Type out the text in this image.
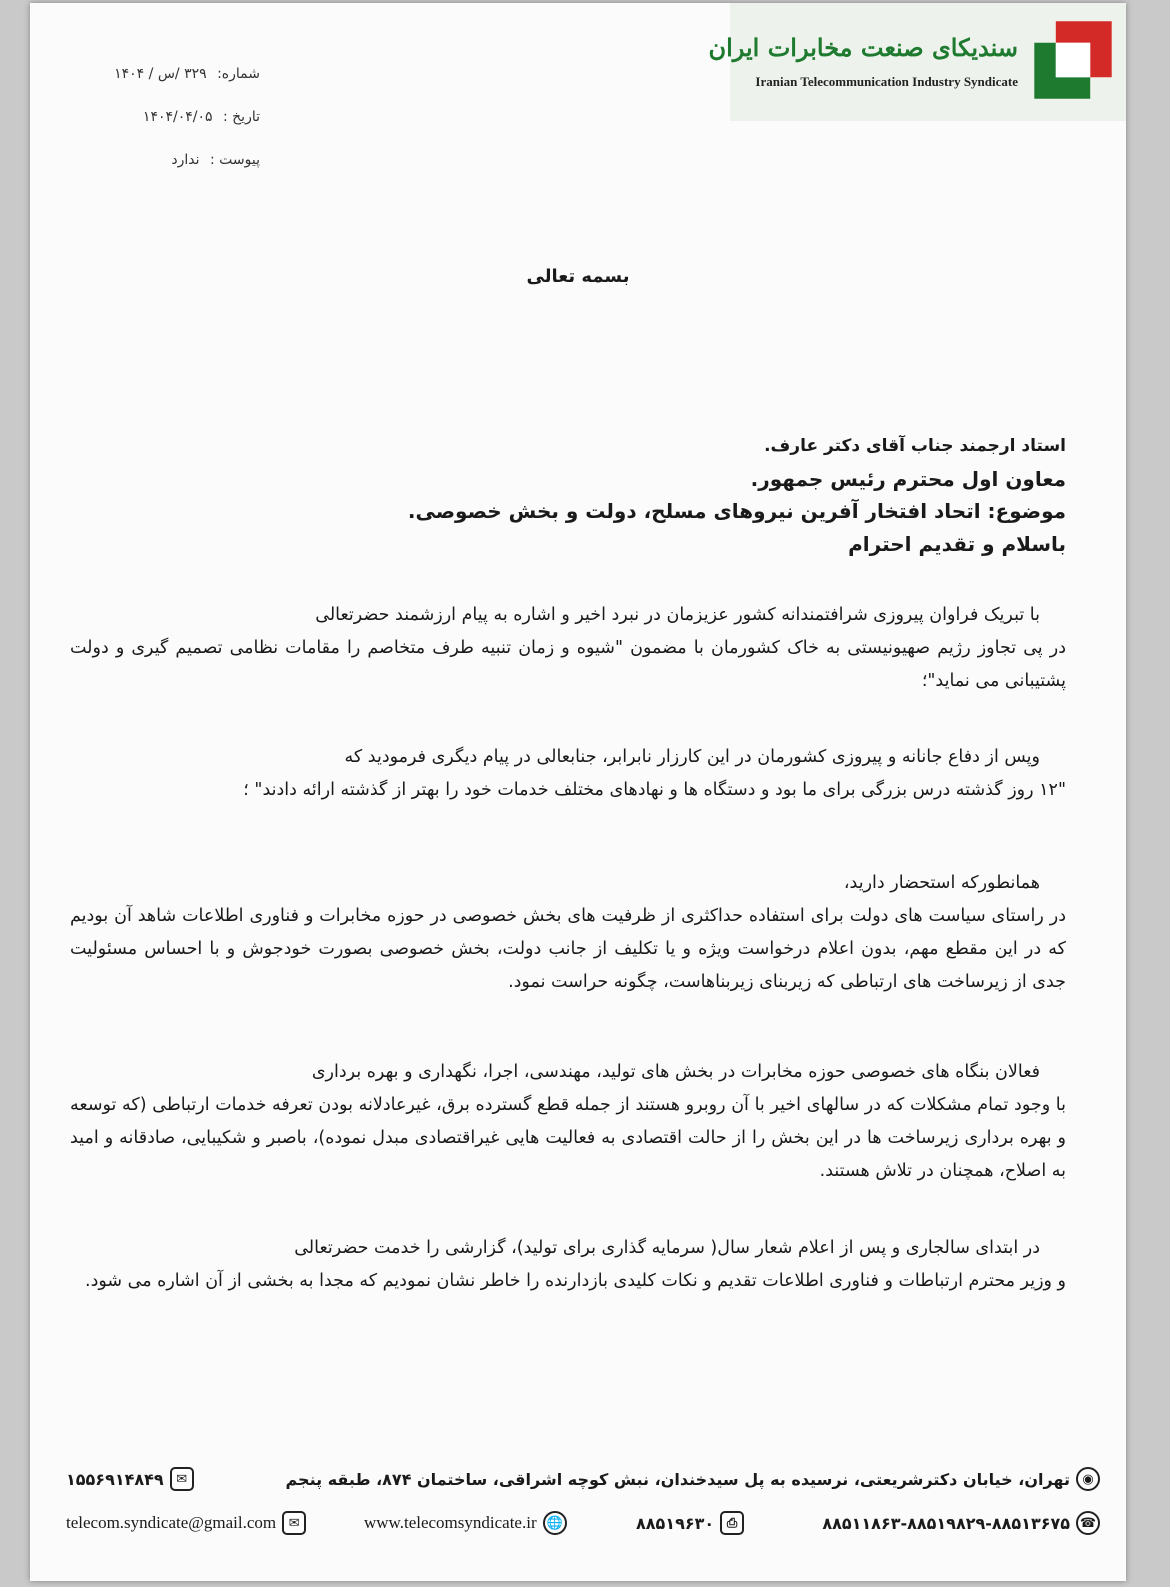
سندیکای صنعت مخابرات ایران
Iranian Telecommunication Industry Syndicate
شماره: ۳۲۹ /س / ۱۴۰۴
تاریخ : ۱۴۰۴/۰۴/۰۵
پیوست : ندارد
بسمه تعالی
استاد ارجمند جناب آقای دکتر عارف.
معاون اول محترم رئیس جمهور.
موضوع: اتحاد افتخار آفرین نیروهای مسلح، دولت و بخش خصوصی.
باسلام و تقدیم احترام
با تبریک فراوان پیروزی شرافتمندانه کشور عزیزمان در نبرد اخیر و اشاره به پیام ارزشمند حضرتعالی
در پی تجاوز رژیم صهیونیستی به خاک کشورمان با مضمون "شیوه و زمان تنبیه طرف متخاصم را مقامات نظامی تصمیم گیری و دولت پشتیبانی می نماید"؛
وپس از دفاع جانانه و پیروزی کشورمان در این کارزار نابرابر، جنابعالی در پیام دیگری فرمودید که
"۱۲ روز گذشته درس بزرگی برای ما بود و دستگاه ها و نهادهای مختلف خدمات خود را بهتر از گذشته ارائه دادند" ؛
همانطورکه استحضار دارید،
در راستای سیاست های دولت برای استفاده حداکثری از ظرفیت های بخش خصوصی در حوزه مخابرات و فناوری اطلاعات شاهد آن بودیم که در این مقطع مهم، بدون اعلام درخواست ویژه و یا تکلیف از جانب دولت، بخش خصوصی بصورت خودجوش و با احساس مسئولیت جدی از زیرساخت های ارتباطی که زیربنای زیربناهاست، چگونه حراست نمود.
فعالان بنگاه های خصوصی حوزه مخابرات در بخش های تولید، مهندسی، اجرا، نگهداری و بهره برداری
با وجود تمام مشکلات که در سالهای اخیر با آن روبرو هستند از جمله قطع گسترده برق، غیرعادلانه بودن تعرفه خدمات ارتباطی (که توسعه و بهره برداری زیرساخت ها در این بخش را از حالت اقتصادی به فعالیت هایی غیراقتصادی مبدل نموده)، باصبر و شکیبایی، صادقانه و امید به اصلاح، همچنان در تلاش هستند.
در ابتدای سالجاری و پس از اعلام شعار سال( سرمایه گذاری برای تولید)، گزارشی را خدمت حضرتعالی
و وزیر محترم ارتباطات و فناوری اطلاعات تقدیم و نکات کلیدی بازدارنده را خاطر نشان نمودیم که مجدا به بخشی از آن اشاره می شود.
◉
تهران، خیابان دکترشریعتی، نرسیده به پل سیدخندان، نبش کوچه اشراقی، ساختمان ۸۷۴، طبقه پنجم
✉
۱۵۵۶۹۱۴۸۴۹
☎
۸۸۵۱۱۸۶۳-۸۸۵۱۹۸۲۹-۸۸۵۱۳۶۷۵
⎙
۸۸۵۱۹۶۳۰
🌐
www.telecomsyndicate.ir
✉
telecom.syndicate@gmail.com
